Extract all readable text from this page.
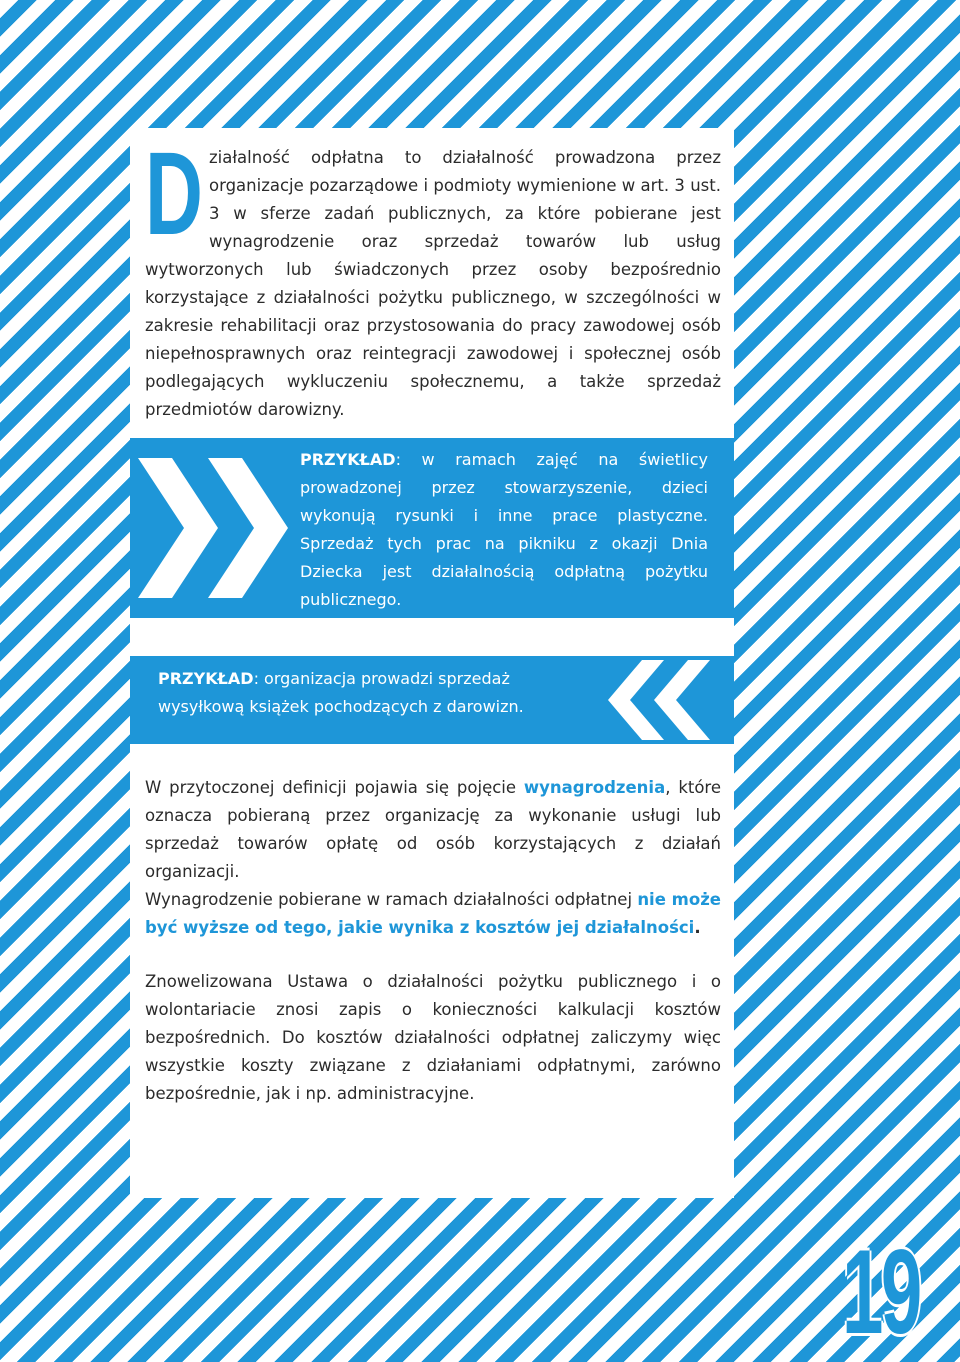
D ziałalność odpłatna to działalność prowadzona przez organizacje pozarządowe i podmioty wymienione w art. 3 ust. 3 w sferze zadań publicznych, za które pobierane jest wynagrodzenie oraz sprzedaż towarów lub usług wytworzonych lub świadczonych przez osoby bezpośrednio korzystające z działalności pożytku publicznego, w szczególności w zakresie rehabilitacji oraz przystosowania do pracy zawodowej osób niepełnosprawnych oraz reintegracji zawodowej i społecznej osób podlegających wykluczeniu społecznemu, a także sprzedaż przedmiotów darowizny.
PRZYKŁAD: w ramach zajęć na świetlicy prowadzonej przez stowarzyszenie, dzieci wykonują rysunki i inne prace plastyczne. Sprzedaż tych prac na pikniku z okazji Dnia Dziecka jest działalnością odpłatną pożytku publicznego.
PRZYKŁAD: organizacja prowadzi sprzedaż wysyłkową książek pochodzących z darowizn.
W przytoczonej definicji pojawia się pojęcie wynagrodzenia, które oznacza pobieraną przez organizację za wykonanie usługi lub sprzedaż towarów opłatę od osób korzystających z działań organizacji.
Wynagrodzenie pobierane w ramach działalności odpłatnej nie może być wyższe od tego, jakie wynika z kosztów jej działalności.
Znowelizowana Ustawa o działalności pożytku publicznego i o wolontariacie znosi zapis o konieczności kalkulacji kosztów bezpośrednich. Do kosztów działalności odpłatnej zaliczymy więc wszystkie koszty związane z działaniami odpłatnymi, zarówno bezpośrednie, jak i np. administracyjne.
19
